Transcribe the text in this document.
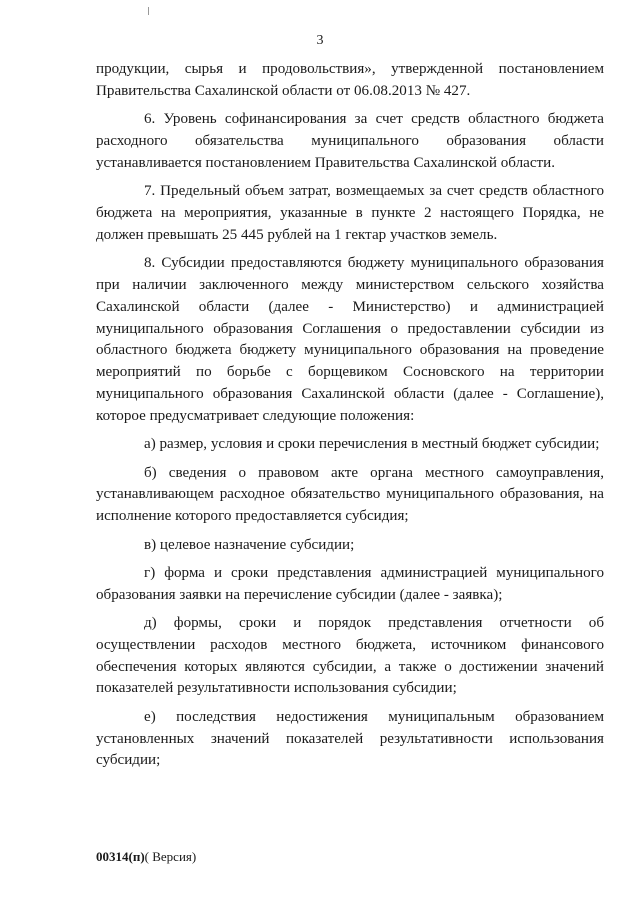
3

продукции, сырья и продовольствия», утвержденной постановлением Правительства Сахалинской области от 06.08.2013 № 427.

6. Уровень софинансирования за счет средств областного бюджета расходного обязательства муниципального образования области устанавливается постановлением Правительства Сахалинской области.

7. Предельный объем затрат, возмещаемых за счет средств областного бюджета на мероприятия, указанные в пункте 2 настоящего Порядка, не должен превышать 25 445 рублей на 1 гектар участков земель.

8. Субсидии предоставляются бюджету муниципального образования при наличии заключенного между министерством сельского хозяйства Сахалинской области (далее - Министерство) и администрацией муниципального образования Соглашения о предоставлении субсидии из областного бюджета бюджету муниципального образования на проведение мероприятий по борьбе с борщевиком Сосновского на территории муниципального образования Сахалинской области (далее - Соглашение), которое предусматривает следующие положения:

а) размер, условия и сроки перечисления в местный бюджет субсидии;

б) сведения о правовом акте органа местного самоуправления, устанавливающем расходное обязательство муниципального образования, на исполнение которого предоставляется субсидия;

в) целевое назначение субсидии;

г) форма и сроки представления администрацией муниципального образования заявки на перечисление субсидии (далее - заявка);

д) формы, сроки и порядок представления отчетности об осуществлении расходов местного бюджета, источником финансового обеспечения которых являются субсидии, а также о достижении значений показателей результативности использования субсидии;

е) последствия недостижения муниципальным образованием установленных значений показателей результативности использования субсидии;

00314(п)( Версия)
